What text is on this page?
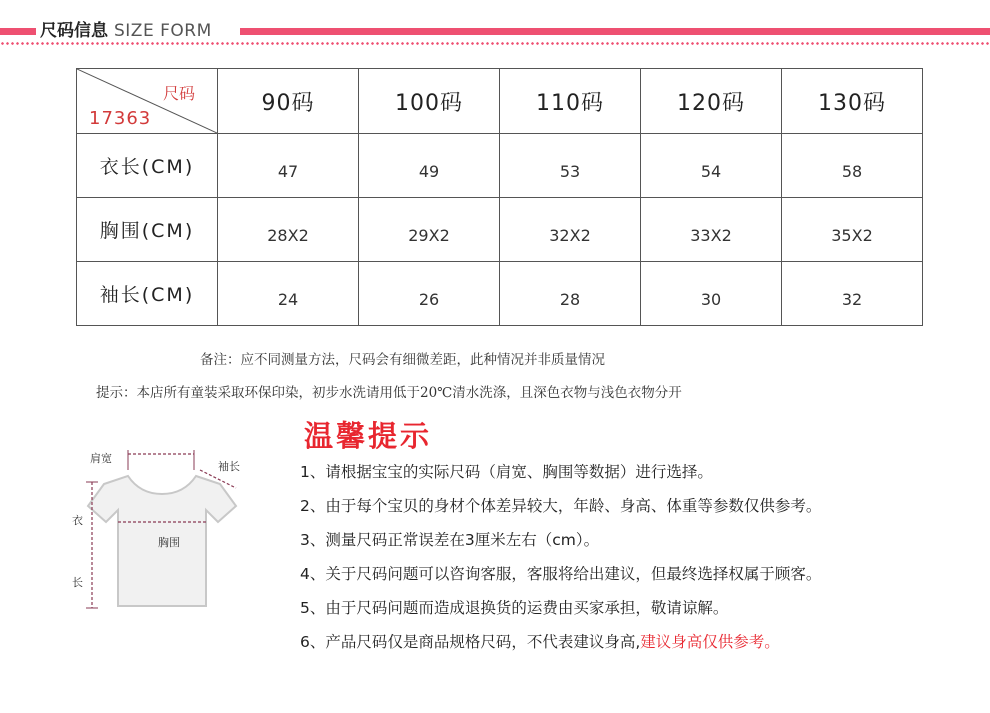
尺码信息 SIZE FORM
尺码
17363	90码	100码	110码	120码	130码
衣长(CM)	47	49	53	54	58
胸围(CM)	28X2	29X2	32X2	33X2	35X2
袖长(CM)	24	26	28	30	32
备注：应不同测量方法，尺码会有细微差距，此种情况并非质量情况
提示：本店所有童装采取环保印染，初步水洗请用低于20℃清水洗涤，且深色衣物与浅色衣物分开
肩宽
袖长
胸围
衣
长
温馨提示
1、请根据宝宝的实际尺码（肩宽、胸围等数据）进行选择。
2、由于每个宝贝的身材个体差异较大，年龄、身高、体重等参数仅供参考。
3、测量尺码正常误差在3厘米左右（cm）。
4、关于尺码问题可以咨询客服，客服将给出建议，但最终选择权属于顾客。
5、由于尺码问题而造成退换货的运费由买家承担，敬请谅解。
6、产品尺码仅是商品规格尺码，不代表建议身高,建议身高仅供参考。
